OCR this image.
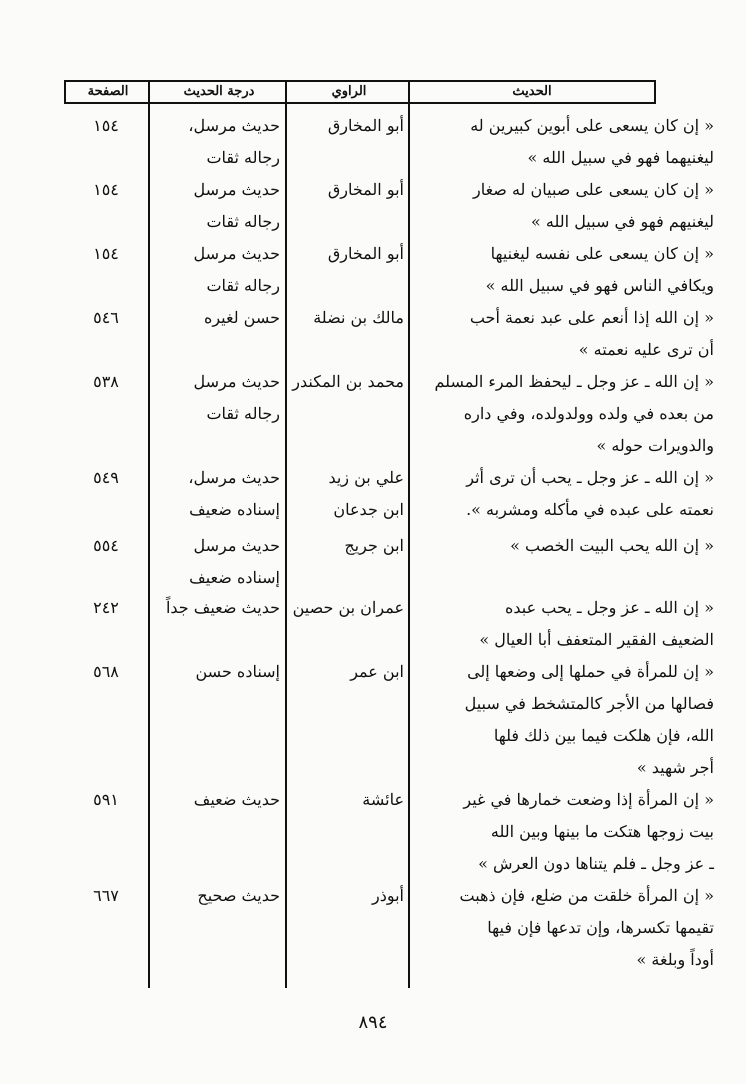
الحديث
الراوي
درجة الحديث
الصفحة
« إن كان يسعى على أبوين كبيرين له
ليغنيهما فهو في سبيل الله »
أبو المخارق
حديث مرسل،
رجاله ثقات
١٥٤
« إن كان يسعى على صبيان له صغار
ليغنيهم فهو في سبيل الله »
أبو المخارق
حديث مرسل
رجاله ثقات
١٥٤
« إن كان يسعى على نفسه ليغنيها
ويكافي الناس فهو في سبيل الله »
أبو المخارق
حديث مرسل
رجاله ثقات
١٥٤
« إن الله إذا أنعم على عبد نعمة أحب
أن ترى عليه نعمته »
مالك بن نضلة
حسن لغيره
٥٤٦
« إن الله ـ عز وجل ـ ليحفظ المرء المسلم
من بعده في ولده وولدولده، وفي داره
والدويرات حوله »
محمد بن المكندر
حديث مرسل
رجاله ثقات
٥٣٨
« إن الله ـ عز وجل ـ يحب أن ترى أثر
نعمته على عبده في مأكله ومشربه ».
علي بن زيد
ابن جدعان
حديث مرسل،
إسناده ضعيف
٥٤٩
« إن الله يحب البيت الخصب »
ابن جريج
حديث مرسل
إسناده ضعيف
٥٥٤
« إن الله ـ عز وجل ـ يحب عبده
الضعيف الفقير المتعفف أبا العيال »
عمران بن حصين
حديث ضعيف جداً
٢٤٢
« إن للمرأة في حملها إلى وضعها إلى
فصالها من الأجر كالمتشخط في سبيل
الله، فإن هلكت فيما بين ذلك فلها
أجر شهيد »
ابن عمر
إسناده حسن
٥٦٨
« إن المرأة إذا وضعت خمارها في غير
بيت زوجها هتكت ما بينها وبين الله
ـ عز وجل ـ فلم يتناها دون العرش »
عائشة
حديث ضعيف
٥٩١
« إن المرأة خلقت من ضلع، فإن ذهبت
تقيمها تكسرها، وإن تدعها فإن فيها
أوداً وبلغة »
أبوذر
حديث صحيح
٦٦٧
٨٩٤
